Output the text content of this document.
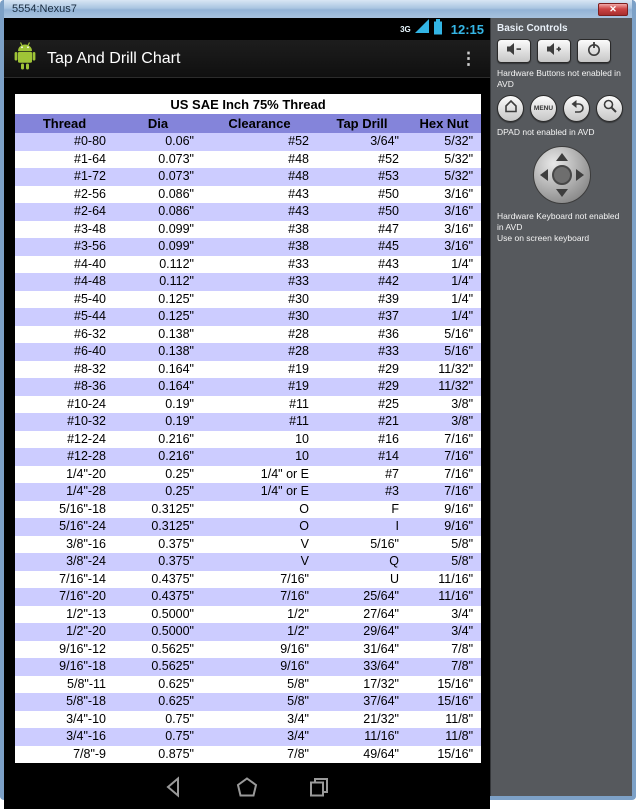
5554:Nexus7	✕
3G	12:15
Tap And Drill Chart	⋮
US SAE Inch 75% Thread				
Thread	Dia	Clearance	Tap Drill	Hex Nut
#0-80	0.06"	#52	3/64"	5/32"
#1-64	0.073"	#48	#52	5/32"
#1-72	0.073"	#48	#53	5/32"
#2-56	0.086"	#43	#50	3/16"
#2-64	0.086"	#43	#50	3/16"
#3-48	0.099"	#38	#47	3/16"
#3-56	0.099"	#38	#45	3/16"
#4-40	0.112"	#33	#43	1/4"
#4-48	0.112"	#33	#42	1/4"
#5-40	0.125"	#30	#39	1/4"
#5-44	0.125"	#30	#37	1/4"
#6-32	0.138"	#28	#36	5/16"
#6-40	0.138"	#28	#33	5/16"
#8-32	0.164"	#19	#29	11/32"
#8-36	0.164"	#19	#29	11/32"
#10-24	0.19"	#11	#25	3/8"
#10-32	0.19"	#11	#21	3/8"
#12-24	0.216"	10	#16	7/16"
#12-28	0.216"	10	#14	7/16"
1/4"-20	0.25"	1/4" or E	#7	7/16"
1/4"-28	0.25"	1/4" or E	#3	7/16"
5/16"-18	0.3125"	O	F	9/16"
5/16"-24	0.3125"	O	I	9/16"
3/8"-16	0.375"	V	5/16"	5/8"
3/8"-24	0.375"	V	Q	5/8"
7/16"-14	0.4375"	7/16"	U	11/16"
7/16"-20	0.4375"	7/16"	25/64"	11/16"
1/2"-13	0.5000"	1/2"	27/64"	3/4"
1/2"-20	0.5000"	1/2"	29/64"	3/4"
9/16"-12	0.5625"	9/16"	31/64"	7/8"
9/16"-18	0.5625"	9/16"	33/64"	7/8"
5/8"-11	0.625"	5/8"	17/32"	15/16"
5/8"-18	0.625"	5/8"	37/64"	15/16"
3/4"-10	0.75"	3/4"	21/32"	11/8"
3/4"-16	0.75"	3/4"	11/16"	11/8"
7/8"-9	0.875"	7/8"	49/64"	15/16"
Basic Controls
Hardware Buttons not enabled in AVD
MENU
DPAD not enabled in AVD
Hardware Keyboard not enabled in AVD
Use on screen keyboard
